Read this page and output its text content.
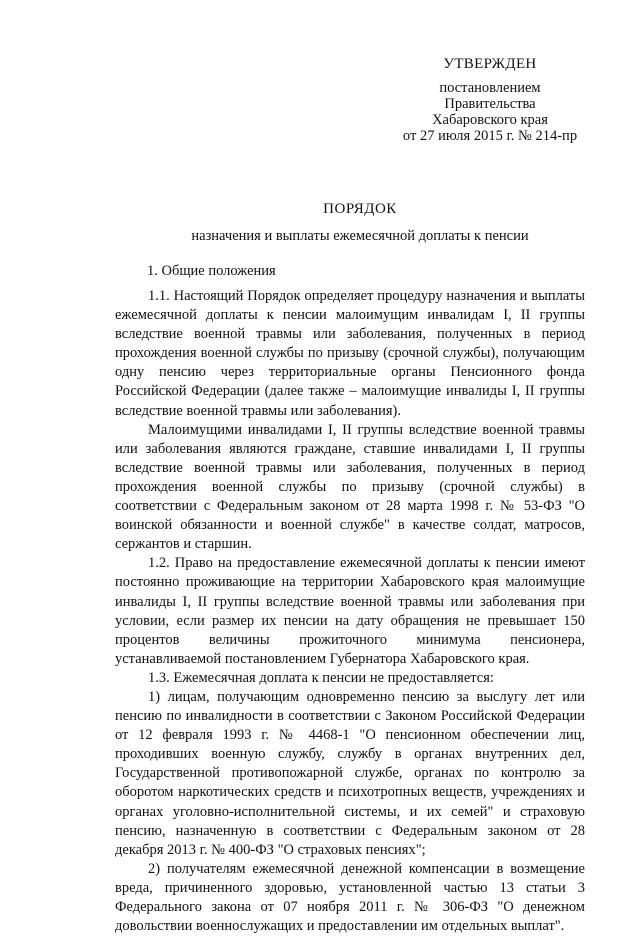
УТВЕРЖДЕН
постановлением
Правительства
Хабаровского края
от 27 июля 2015 г. № 214-пр
ПОРЯДОК
назначения и выплаты ежемесячной доплаты к пенсии
1. Общие положения

1.1. Настоящий Порядок определяет процедуру назначения и выплаты ежемесячной доплаты к пенсии малоимущим инвалидам I, II группы вследствие военной травмы или заболевания, полученных в период прохождения военной службы по призыву (срочной службы), получающим одну пенсию через территориальные органы Пенсионного фонда Российской Федерации (далее также – малоимущие инвалиды I, II группы вследствие военной травмы или заболевания).

Малоимущими инвалидами I, II группы вследствие военной травмы или заболевания являются граждане, ставшие инвалидами I, II группы вследствие военной травмы или заболевания, полученных в период прохождения военной службы по призыву (срочной службы) в соответствии с Федеральным законом от 28 марта 1998 г. № 53-ФЗ "О воинской обязанности и военной службе" в качестве солдат, матросов, сержантов и старшин.

1.2. Право на предоставление ежемесячной доплаты к пенсии имеют постоянно проживающие на территории Хабаровского края малоимущие инвалиды I, II группы вследствие военной травмы или заболевания при условии, если размер их пенсии на дату обращения не превышает 150 процентов величины прожиточного минимума пенсионера, устанавливаемой постановлением Губернатора Хабаровского края.

1.3. Ежемесячная доплата к пенсии не предоставляется:

1) лицам, получающим одновременно пенсию за выслугу лет или пенсию по инвалидности в соответствии с Законом Российской Федерации от 12 февраля 1993 г. № 4468-1 "О пенсионном обеспечении лиц, проходивших военную службу, службу в органах внутренних дел, Государственной противопожарной службе, органах по контролю за оборотом наркотических средств и психотропных веществ, учреждениях и органах уголовно-исполнительной системы, и их семей" и страховую пенсию, назначенную в соответствии с Федеральным законом от 28 декабря 2013 г. № 400-ФЗ "О страховых пенсиях";

2) получателям ежемесячной денежной компенсации в возмещение вреда, причиненного здоровью, установленной частью 13 статьи 3 Федерального закона от 07 ноября 2011 г. № 306-ФЗ "О денежном довольствии военнослужащих и предоставлении им отдельных выплат".
